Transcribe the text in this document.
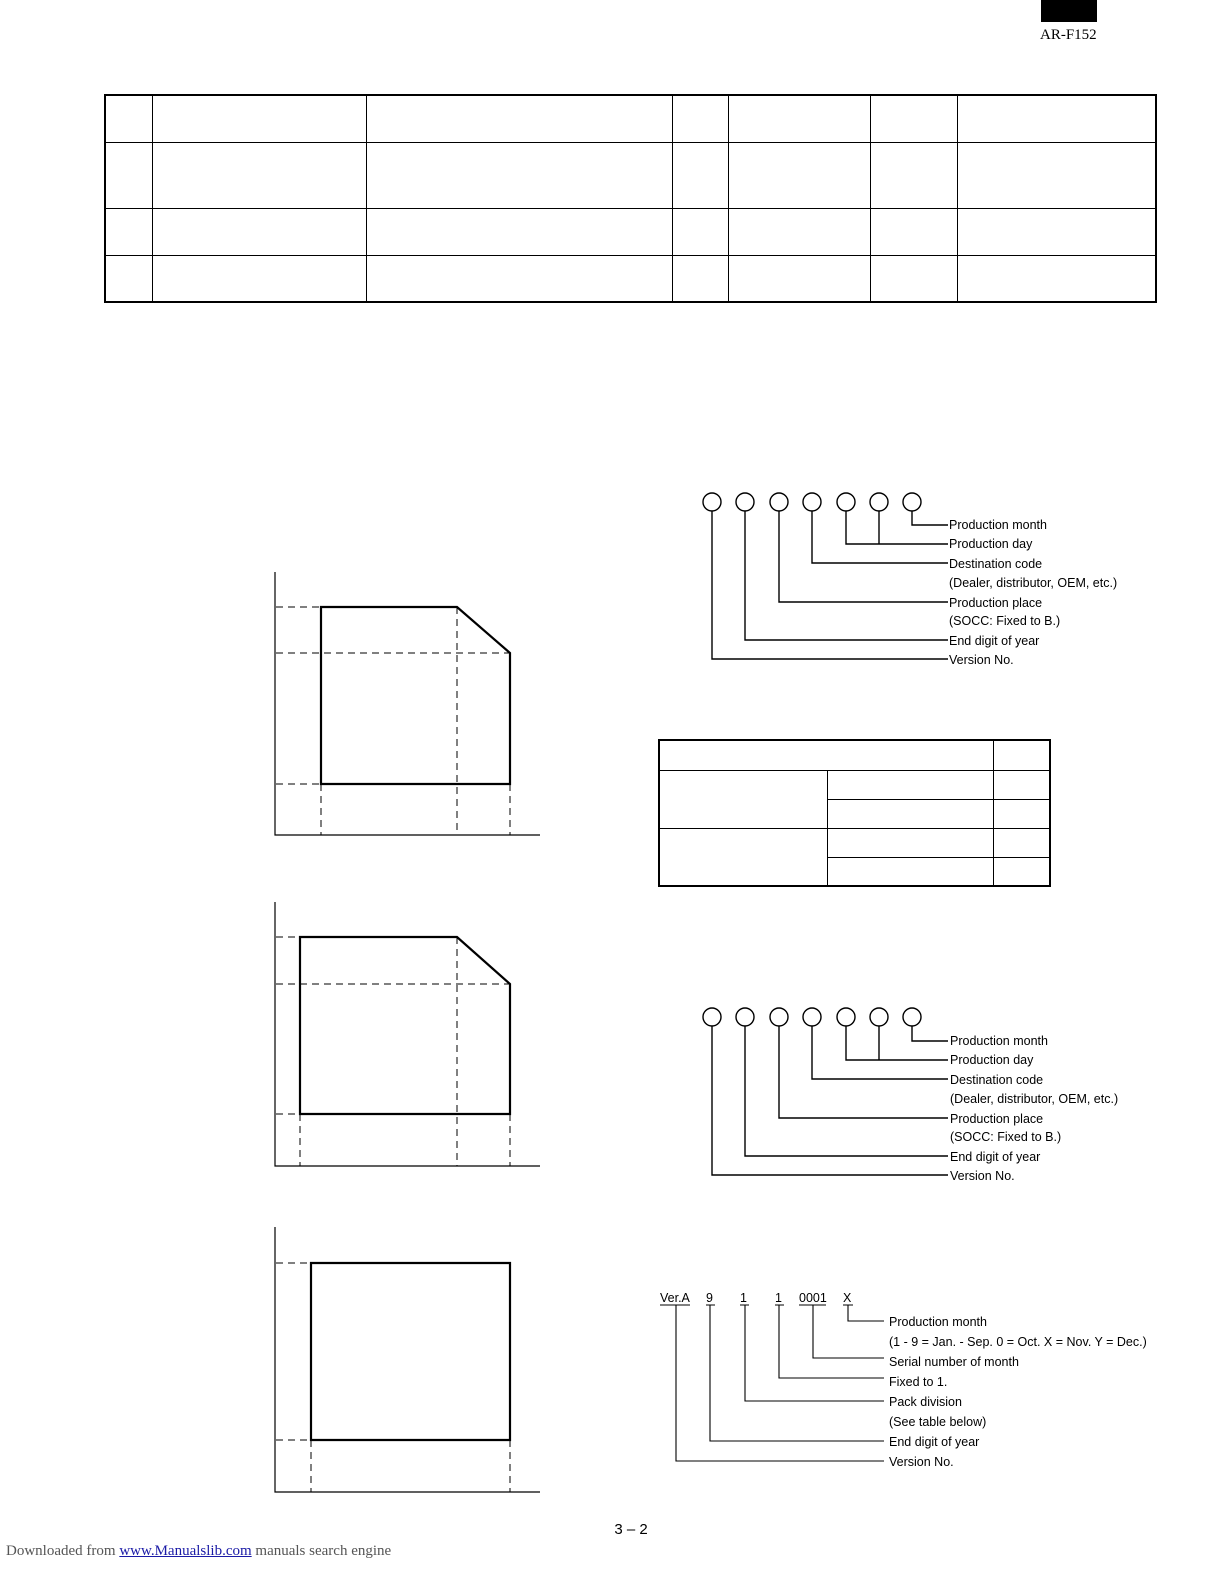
AR-F152

Production month
Production day
Destination code
(Dealer, distributor, OEM, etc.)
Production place
(SOCC: Fixed to B.)
End digit of year
Version No.
Production month
Production day
Destination code
(Dealer, distributor, OEM, etc.)
Production place
(SOCC: Fixed to B.)
End digit of year
Version No.
Ver.A 9 1 1 0001 X
Production month
(1 - 9 = Jan. - Sep. 0 = Oct. X = Nov. Y = Dec.)
Serial number of month
Fixed to 1.
Pack division
(See table below)
End digit of year
Version No.
3 – 2
Downloaded from www.Manualslib.com manuals search engine
